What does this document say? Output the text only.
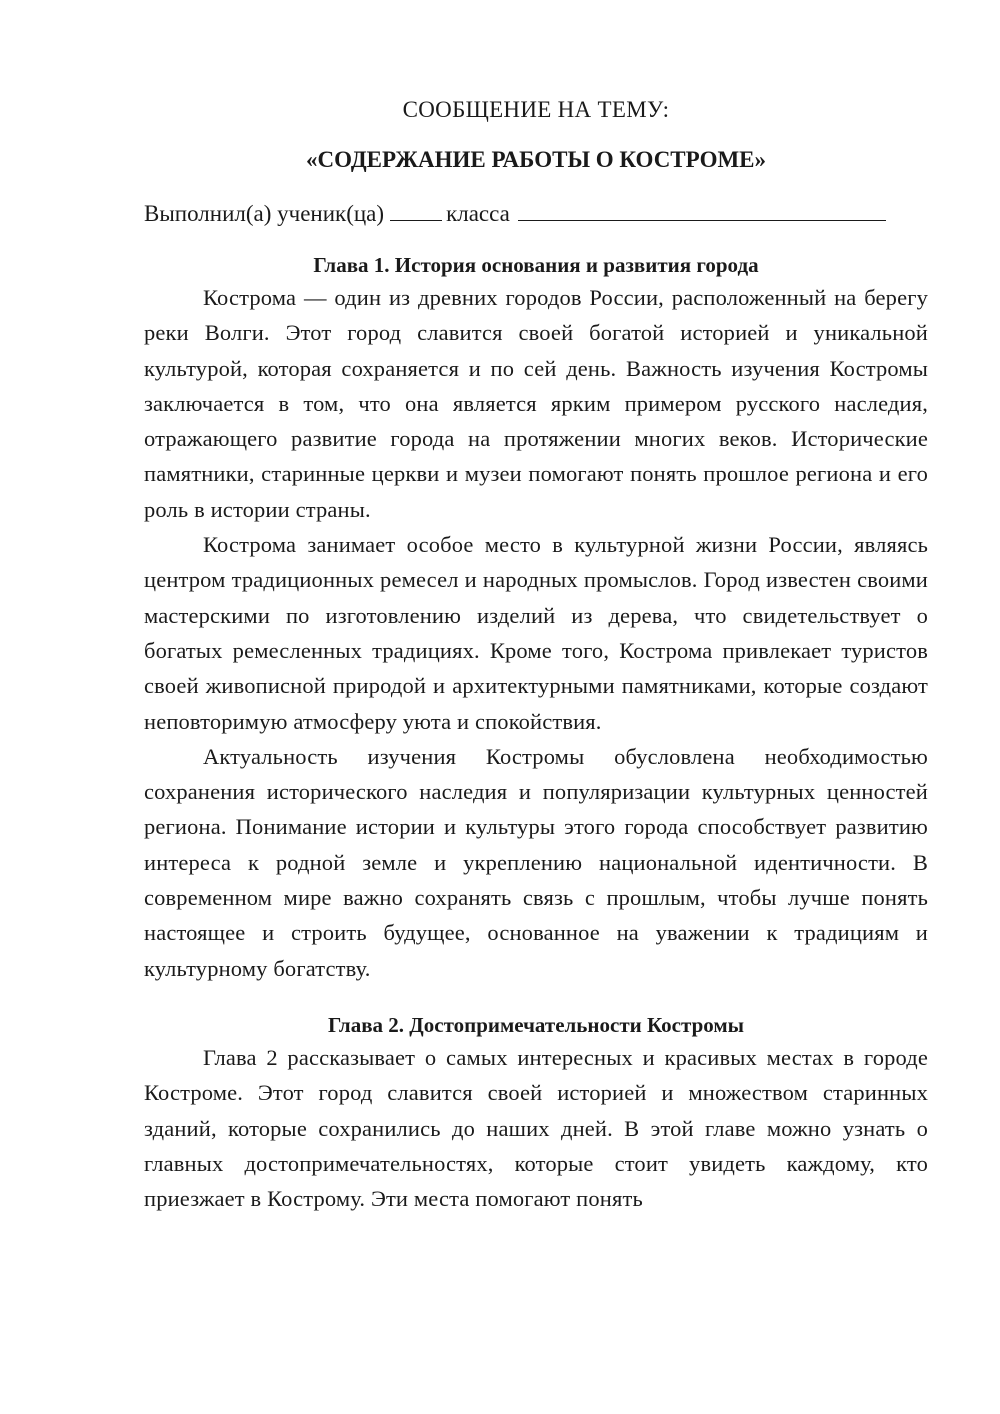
СООБЩЕНИЕ НА ТЕМУ:

«СОДЕРЖАНИЕ РАБОТЫ О КОСТРОМЕ»

Выполнил(а) ученик(ца)	класса
Глава 1. История основания и развития города

Кострома — один из древних городов России, расположенный на берегу реки Волги. Этот город славится своей богатой историей и уникальной культурой, которая сохраняется и по сей день. Важность изучения Костромы заключается в том, что она является ярким примером русского наследия, отражающего развитие города на протяжении многих веков. Исторические памятники, старинные церкви и музеи помогают понять прошлое региона и его роль в истории страны.

Кострома занимает особое место в культурной жизни России, являясь центром традиционных ремесел и народных промыслов. Город известен своими мастерскими по изготовлению изделий из дерева, что свидетельствует о богатых ремесленных традициях. Кроме того, Кострома привлекает туристов своей живописной природой и архитектурными памятниками, которые создают неповторимую атмосферу уюта и спокойствия.

Актуальность изучения Костромы обусловлена необходимостью сохранения исторического наследия и популяризации культурных ценностей региона. Понимание истории и культуры этого города способствует развитию интереса к родной земле и укреплению национальной идентичности. В современном мире важно сохранять связь с прошлым, чтобы лучше понять настоящее и строить будущее, основанное на уважении к традициям и культурному богатству.

Глава 2. Достопримечательности Костромы

Глава 2 рассказывает о самых интересных и красивых местах в городе Костроме. Этот город славится своей историей и множеством старинных зданий, которые сохранились до наших дней. В этой главе можно узнать о главных достопримечательностях, которые стоит увидеть каждому, кто приезжает в Кострому. Эти места помогают понять
